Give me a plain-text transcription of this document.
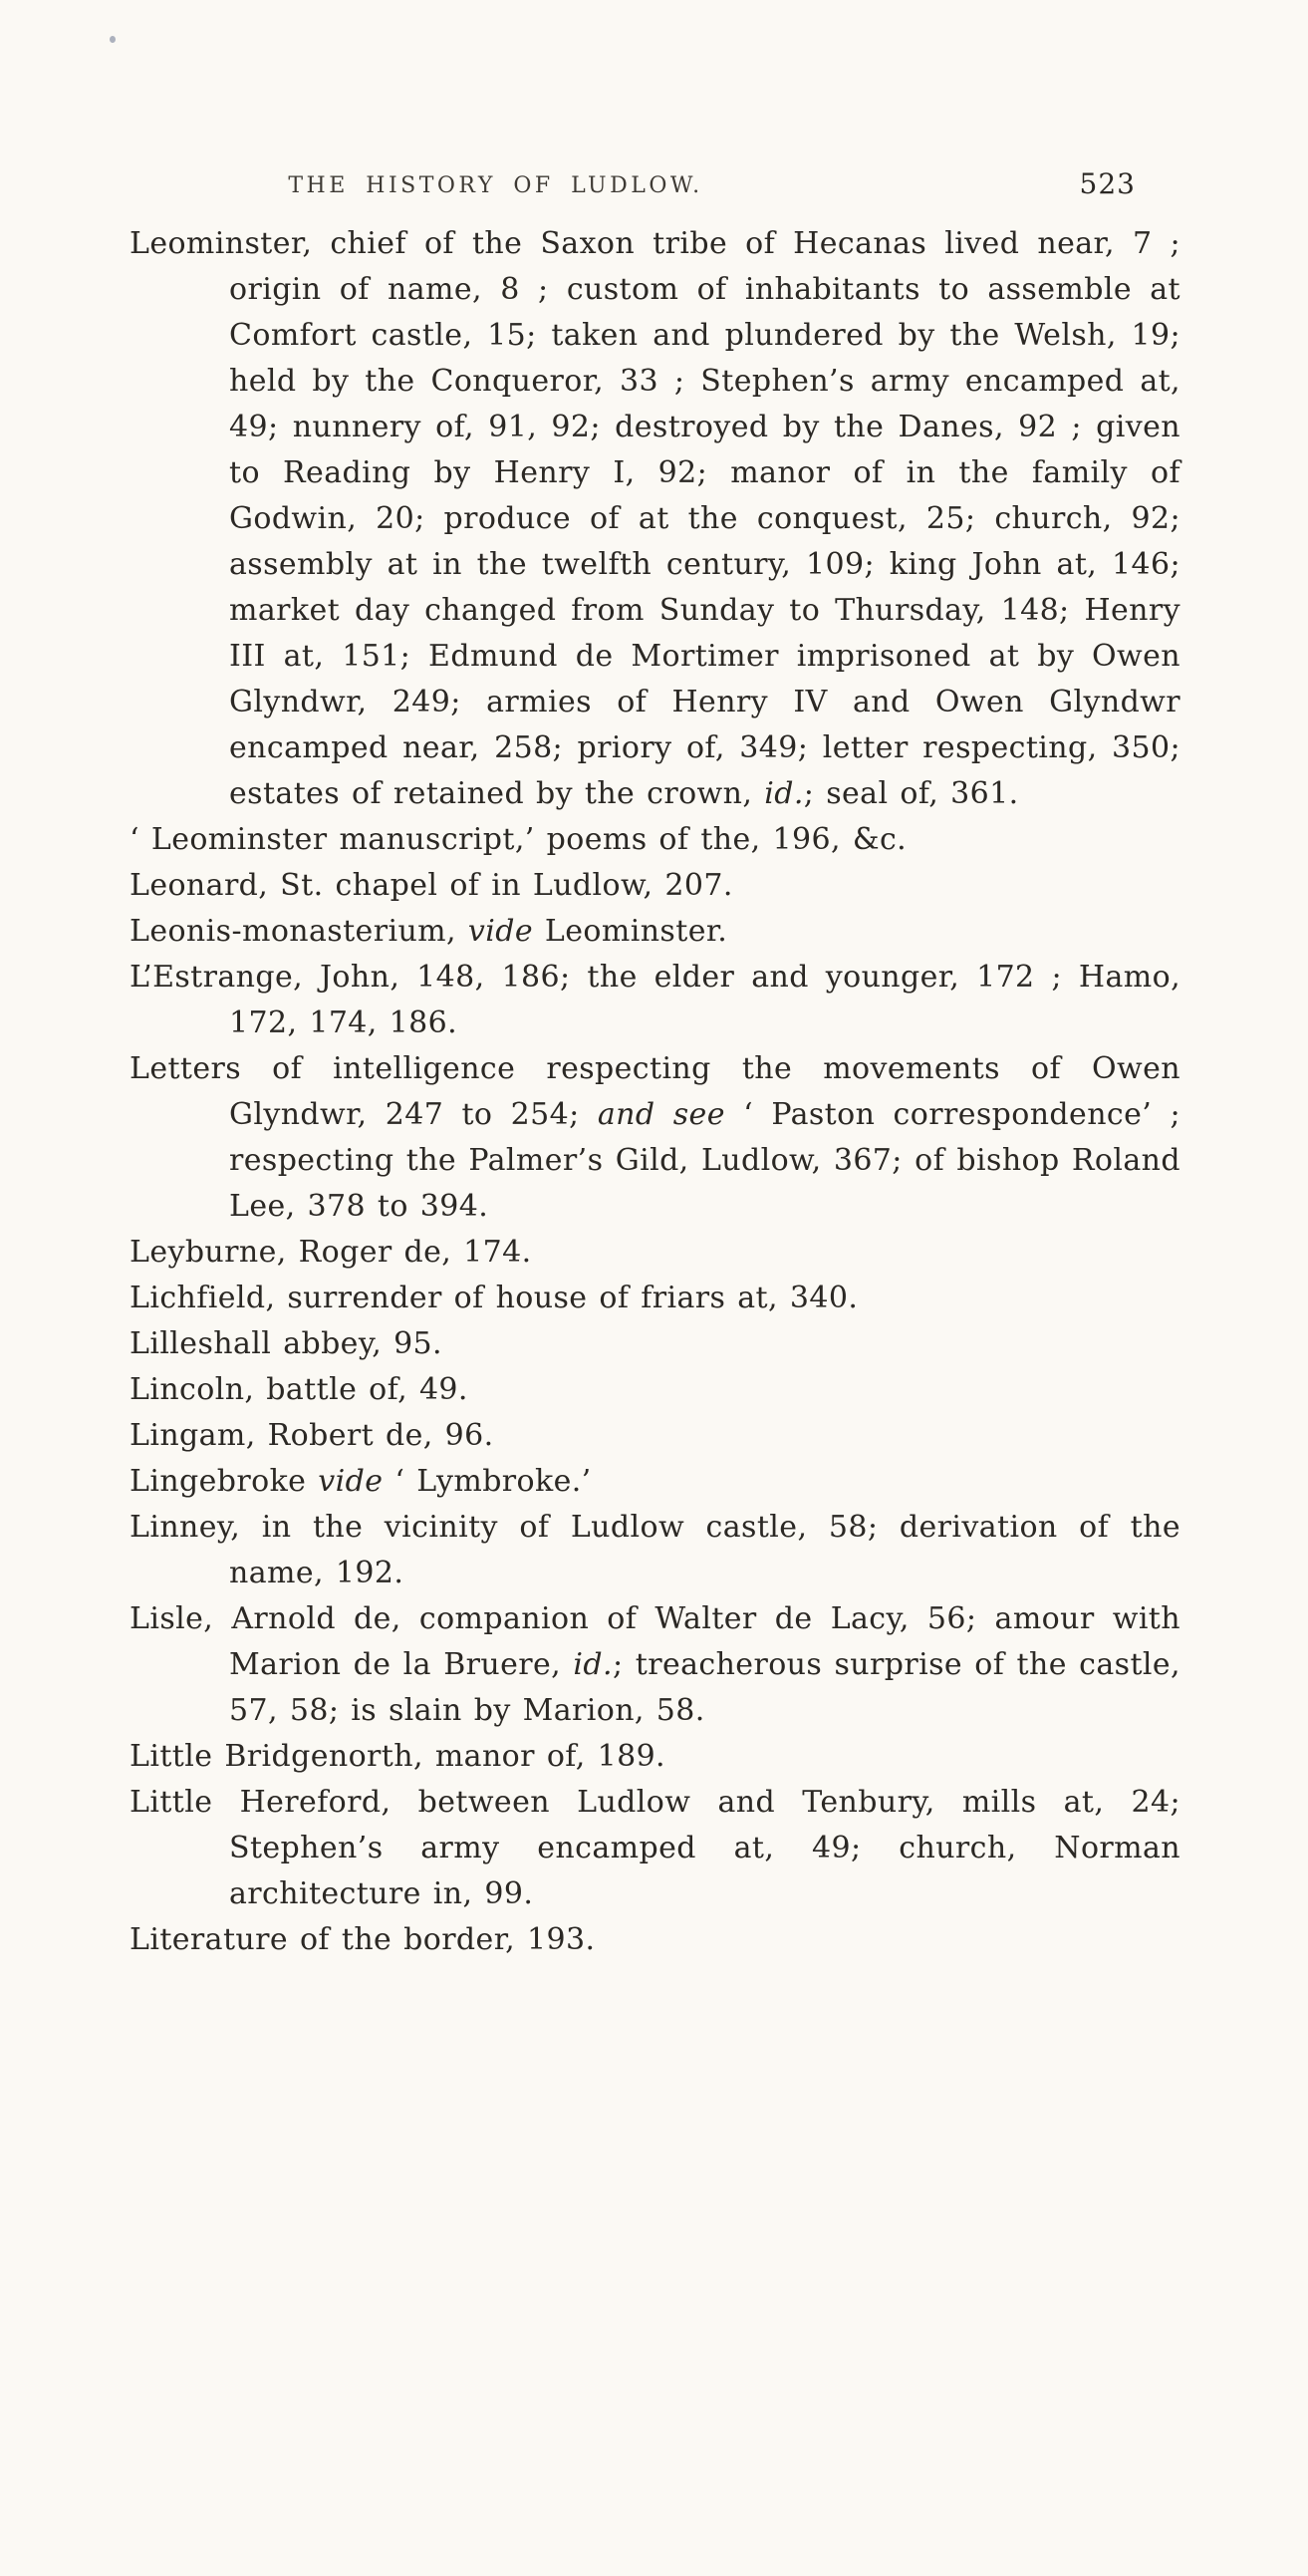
THE HISTORY OF LUDLOW.	523

Leominster, chief of the Saxon tribe of Hecanas lived near, 7 ; origin of name, 8 ; custom of inhabitants to assemble at Comfort castle, 15; taken and plundered by the Welsh, 19; held by the Conqueror, 33 ; Stephen’s army encamped at, 49; nunnery of, 91, 92; destroyed by the Danes, 92 ; given to Reading by Henry I, 92; manor of in the family of Godwin, 20; produce of at the conquest, 25; church, 92; assembly at in the twelfth century, 109; king John at, 146; market day changed from Sunday to Thursday, 148; Henry III at, 151; Edmund de Mortimer imprisoned at by Owen Glyndwr, 249; armies of Henry IV and Owen Glyndwr encamped near, 258; priory of, 349; letter respecting, 350; estates of retained by the crown, id.; seal of, 361.

‘ Leominster manuscript,’ poems of the, 196, &c.

Leonard, St. chapel of in Ludlow, 207.

Leonis-monasterium, vide Leominster.

L’Estrange, John, 148, 186; the elder and younger, 172 ; Hamo, 172, 174, 186.

Letters of intelligence respecting the movements of Owen Glyndwr, 247 to 254; and see ‘ Paston correspondence’ ; respecting the Palmer’s Gild, Ludlow, 367; of bishop Roland Lee, 378 to 394.

Leyburne, Roger de, 174.

Lichfield, surrender of house of friars at, 340.

Lilleshall abbey, 95.

Lincoln, battle of, 49.

Lingam, Robert de, 96.

Lingebroke vide ‘ Lymbroke.’

Linney, in the vicinity of Ludlow castle, 58; derivation of the name, 192.

Lisle, Arnold de, companion of Walter de Lacy, 56; amour with Marion de la Bruere, id.; treacherous surprise of the castle, 57, 58; is slain by Marion, 58.

Little Bridgenorth, manor of, 189.

Little Hereford, between Ludlow and Tenbury, mills at, 24; Stephen’s army encamped at, 49; church, Norman architecture in, 99.

Literature of the border, 193.
